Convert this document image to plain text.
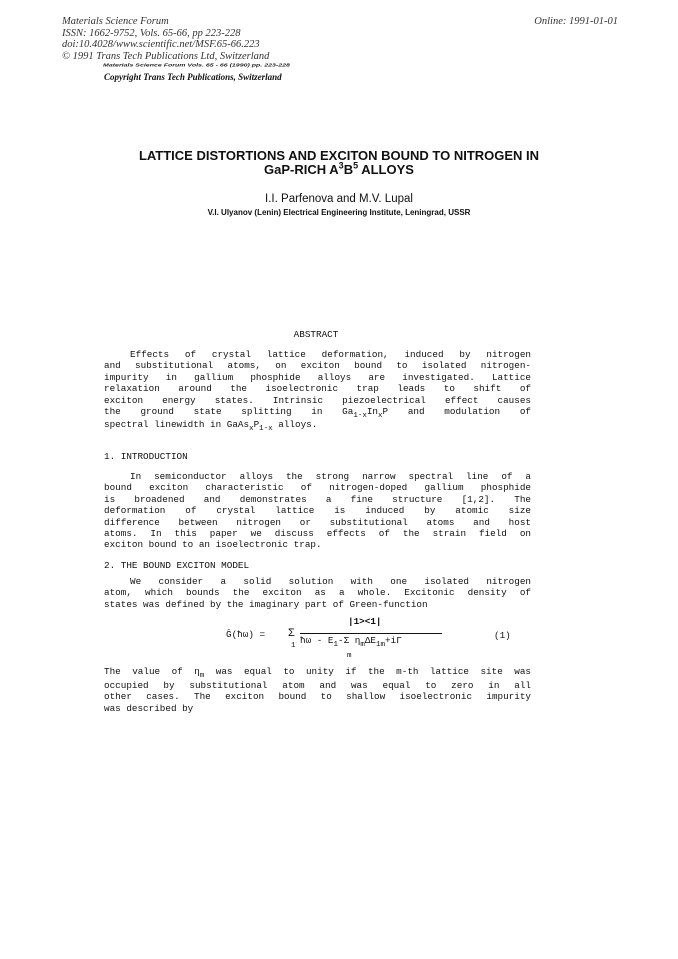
Materials Science Forum
ISSN: 1662-9752, Vols. 65-66, pp 223-228
doi:10.4028/www.scientific.net/MSF.65-66.223
© 1991 Trans Tech Publications Ltd, Switzerland
Online: 1991-01-01
Materials Science Forum Vols. 65 - 66 (1990) pp. 223-228
Copyright Trans Tech Publications, Switzerland
LATTICE DISTORTIONS AND EXCITON BOUND TO NITROGEN IN
GaP-RICH $A^3B^5$ ALLOYS
I.I. Parfenova and M.V. Lupal
V.I. Ulyanov (Lenin) Electrical Engineering Institute, Leningrad, USSR
ABSTRACT
Effects of crystal lattice deformation, induced by nitrogen
and substitutional atoms, on exciton bound to isolated nitrogen-
impurity in gallium phosphide alloys are investigated. Lattice
relaxation around the isoelectronic trap leads to shift of
exciton energy states. Intrinsic piezoelectrical effect causes
the ground state splitting in $Ga_{1-x}In_xP$ and modulation of
spectral linewidth in $GaAs_xP_{1-x}$ alloys.
1. INTRODUCTION
In semiconductor alloys the strong narrow spectral line of a
bound exciton characteristic of nitrogen-doped gallium phosphide
is broadened and demonstrates a fine structure [1,2]. The
deformation of crystal lattice is induced by atomic size
difference between nitrogen or substitutional atoms and host
atoms. In this paper we discuss effects of the strain field on
exciton bound to an isoelectronic trap.
2. THE BOUND EXCITON MODEL
We consider a solid solution with one isolated nitrogen
atom, which bounds the exciton as a whole. Excitonic density of
states was defined by the imaginary part of Green-function
|1><1|
Ĝ(ħω) = Σ
1 ħω - $E_1-\Sigma$ $\eta_m\Delta E_{1m}+i\Gamma$
m
(1)
The value of $\eta_m$ was equal to unity if the m-th lattice site was
occupied by substitutional atom and was equal to zero in all
other cases. The exciton bound to shallow isoelectronic impurity
was described by
